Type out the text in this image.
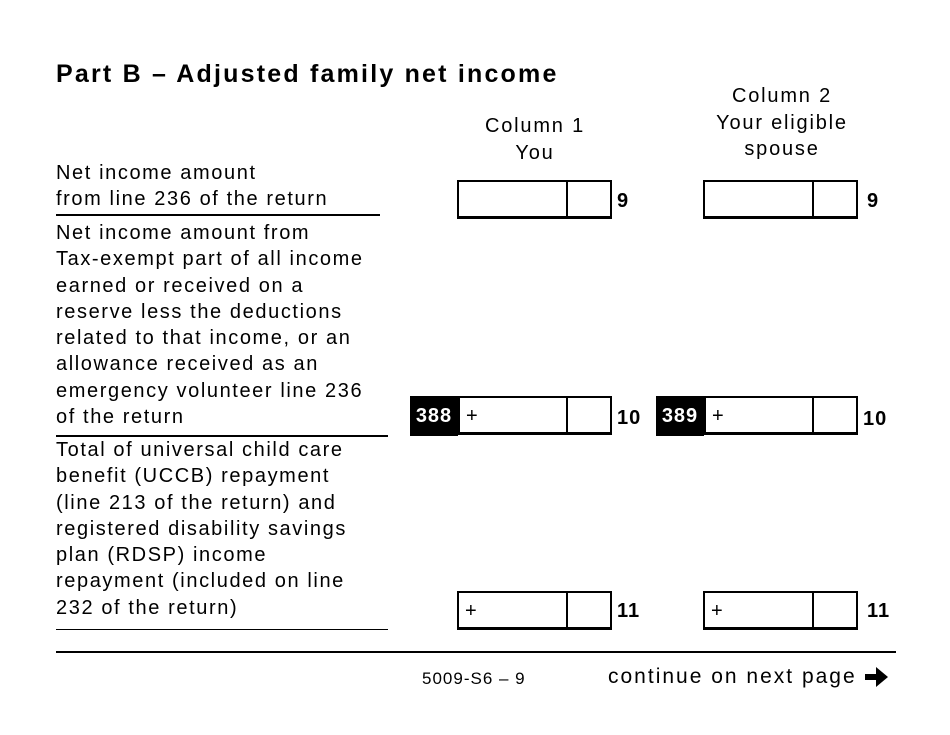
Part B – Adjusted family net income
Column 1
You
Column 2
Your eligible
spouse
Net income amount
from line 236 of the return	9	9
Net income amount from
Tax-exempt part of all income
earned or received on a
reserve less the deductions
related to that income, or an
allowance received as an
emergency volunteer line 236
of the return	388 +	10 389 +	10
Total of universal child care
benefit (UCCB) repayment
(line 213 of the return) and
registered disability savings
plan (RDSP) income
repayment (included on line
232 of the return)	+	11	+	11
5009-S6 – 9	continue on next page
